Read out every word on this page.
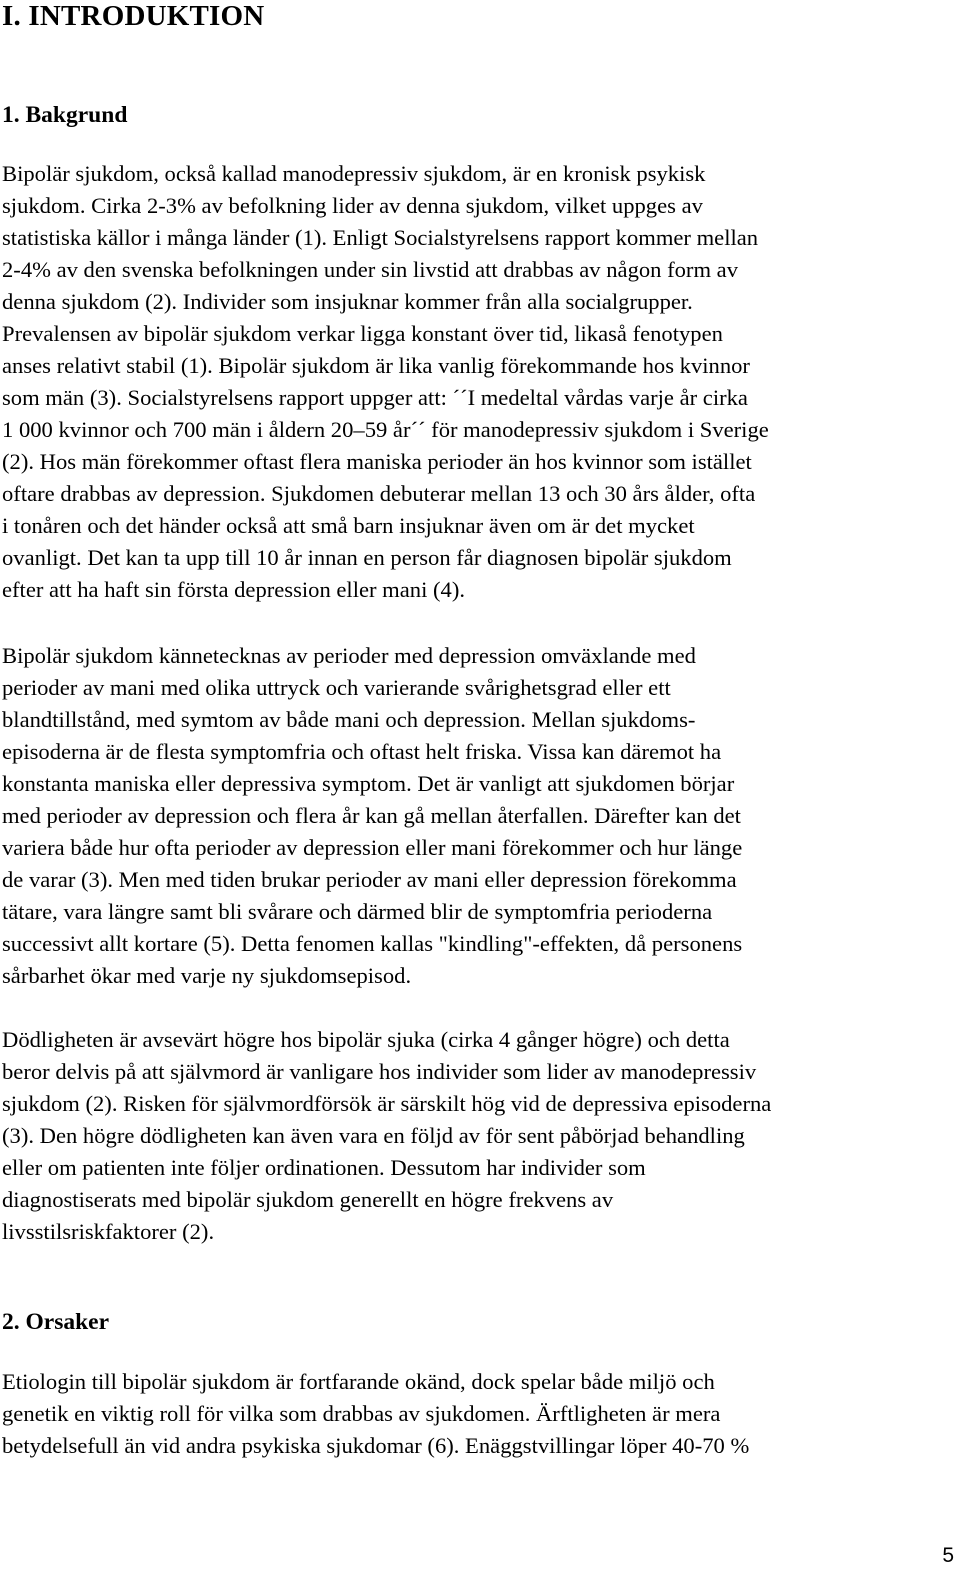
I. INTRODUKTION
1. Bakgrund

Bipolär sjukdom, också kallad manodepressiv sjukdom, är en kronisk psykisk
sjukdom. Cirka 2-3% av befolkning lider av denna sjukdom, vilket uppges av
statistiska källor i många länder (1). Enligt Socialstyrelsens rapport kommer mellan
2-4% av den svenska befolkningen under sin livstid att drabbas av någon form av
denna sjukdom (2). Individer som insjuknar kommer från alla socialgrupper.
Prevalensen av bipolär sjukdom verkar ligga konstant över tid, likaså fenotypen
anses relativt stabil (1). Bipolär sjukdom är lika vanlig förekommande hos kvinnor
som män (3). Socialstyrelsens rapport uppger att: ´´I medeltal vårdas varje år cirka
1 000 kvinnor och 700 män i åldern 20–59 år´´ för manodepressiv sjukdom i Sverige
(2). Hos män förekommer oftast flera maniska perioder än hos kvinnor som istället
oftare drabbas av depression. Sjukdomen debuterar mellan 13 och 30 års ålder, ofta
i tonåren och det händer också att små barn insjuknar även om är det mycket
ovanligt. Det kan ta upp till 10 år innan en person får diagnosen bipolär sjukdom
efter att ha haft sin första depression eller mani (4).

Bipolär sjukdom kännetecknas av perioder med depression omväxlande med
perioder av mani med olika uttryck och varierande svårighetsgrad eller ett
blandtillstånd, med symtom av både mani och depression. Mellan sjukdoms-
episoderna är de flesta symptomfria och oftast helt friska. Vissa kan däremot ha
konstanta maniska eller depressiva symptom. Det är vanligt att sjukdomen börjar
med perioder av depression och flera år kan gå mellan återfallen. Därefter kan det
variera både hur ofta perioder av depression eller mani förekommer och hur länge
de varar (3). Men med tiden brukar perioder av mani eller depression förekomma
tätare, vara längre samt bli svårare och därmed blir de symptomfria perioderna
successivt allt kortare (5). Detta fenomen kallas "kindling"-effekten, då personens
sårbarhet ökar med varje ny sjukdomsepisod.

Dödligheten är avsevärt högre hos bipolär sjuka (cirka 4 gånger högre) och detta
beror delvis på att självmord är vanligare hos individer som lider av manodepressiv
sjukdom (2). Risken för självmordförsök är särskilt hög vid de depressiva episoderna
(3). Den högre dödligheten kan även vara en följd av för sent påbörjad behandling
eller om patienten inte följer ordinationen. Dessutom har individer som
diagnostiserats med bipolär sjukdom generellt en högre frekvens av
livsstilsriskfaktorer (2).

2. Orsaker

Etiologin till bipolär sjukdom är fortfarande okänd, dock spelar både miljö och
genetik en viktig roll för vilka som drabbas av sjukdomen. Ärftligheten är mera
betydelsefull än vid andra psykiska sjukdomar (6). Enäggstvillingar löper 40-70 %

5
